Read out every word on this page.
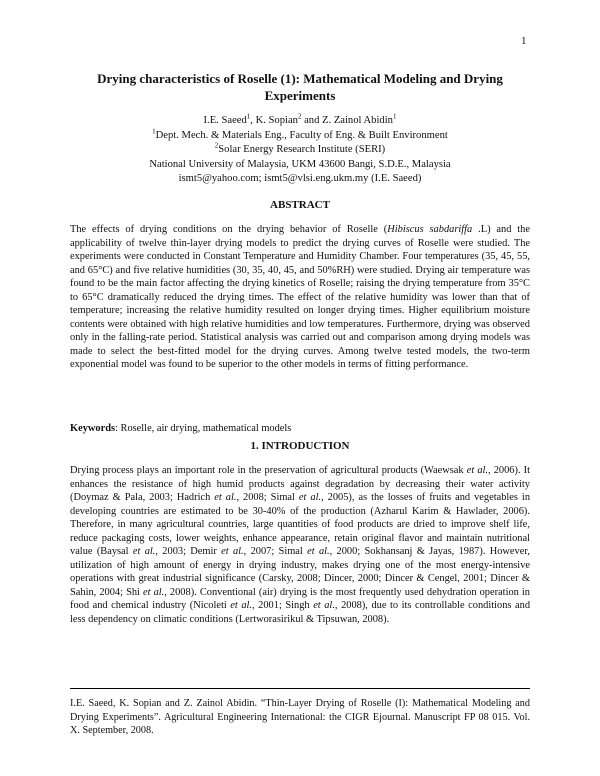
1
Drying characteristics of Roselle (1): Mathematical Modeling and Drying Experiments
I.E. Saeed$^1$, K. Sopian$^2$ and Z. Zainol Abidin$^1$
$^1$Dept. Mech. & Materials Eng., Faculty of Eng. & Built Environment
$^2$Solar Energy Research Institute (SERI)
National University of Malaysia, UKM 43600 Bangi, S.D.E., Malaysia
ismt5@yahoo.com; ismt5@vlsi.eng.ukm.my (I.E. Saeed)
ABSTRACT

The effects of drying conditions on the drying behavior of Roselle (Hibiscus sabdariffa .L) and the applicability of twelve thin-layer drying models to predict the drying curves of Roselle were studied. The experiments were conducted in Constant Temperature and Humidity Chamber. Four temperatures (35, 45, 55, and 65°C) and five relative humidities (30, 35, 40, 45, and 50%RH) were studied. Drying air temperature was found to be the main factor affecting the drying kinetics of Roselle; raising the drying temperature from 35°C to 65°C dramatically reduced the drying times. The effect of the relative humidity was lower than that of temperature; increasing the relative humidity resulted on longer drying times. Higher equilibrium moisture contents were obtained with high relative humidities and low temperatures. Furthermore, drying was observed only in the falling-rate period. Statistical analysis was carried out and comparison among drying models was made to select the best-fitted model for the drying curves. Among twelve tested models, the two-term exponential model was found to be superior to the other models in terms of fitting performance.

Keywords: Roselle, air drying, mathematical models

1. INTRODUCTION

Drying process plays an important role in the preservation of agricultural products (Waewsak et al., 2006). It enhances the resistance of high humid products against degradation by decreasing their water activity (Doymaz & Pala, 2003; Hadrich et al., 2008; Simal et al., 2005), as the losses of fruits and vegetables in developing countries are estimated to be 30-40% of the production (Azharul Karim & Hawlader, 2006). Therefore, in many agricultural countries, large quantities of food products are dried to improve shelf life, reduce packaging costs, lower weights, enhance appearance, retain original flavor and maintain nutritional value (Baysal et al., 2003; Demir et al., 2007; Simal et al., 2000; Sokhansanj & Jayas, 1987). However, utilization of high amount of energy in drying industry, makes drying one of the most energy-intensive operations with great industrial significance (Carsky, 2008; Dincer, 2000; Dincer & Cengel, 2001; Dincer & Sahin, 2004; Shi et al., 2008). Conventional (air) drying is the most frequently used dehydration operation in food and chemical industry (Nicoleti et al., 2001; Singh et al., 2008), due to its controllable conditions and less dependency on climatic conditions (Lertworasirikul & Tipsuwan, 2008).

I.E. Saeed, K. Sopian and Z. Zainol Abidin. “Thin-Layer Drying of Roselle (I): Mathematical Modeling and Drying Experiments”. Agricultural Engineering International: the CIGR Ejournal. Manuscript FP 08 015. Vol. X. September, 2008.
